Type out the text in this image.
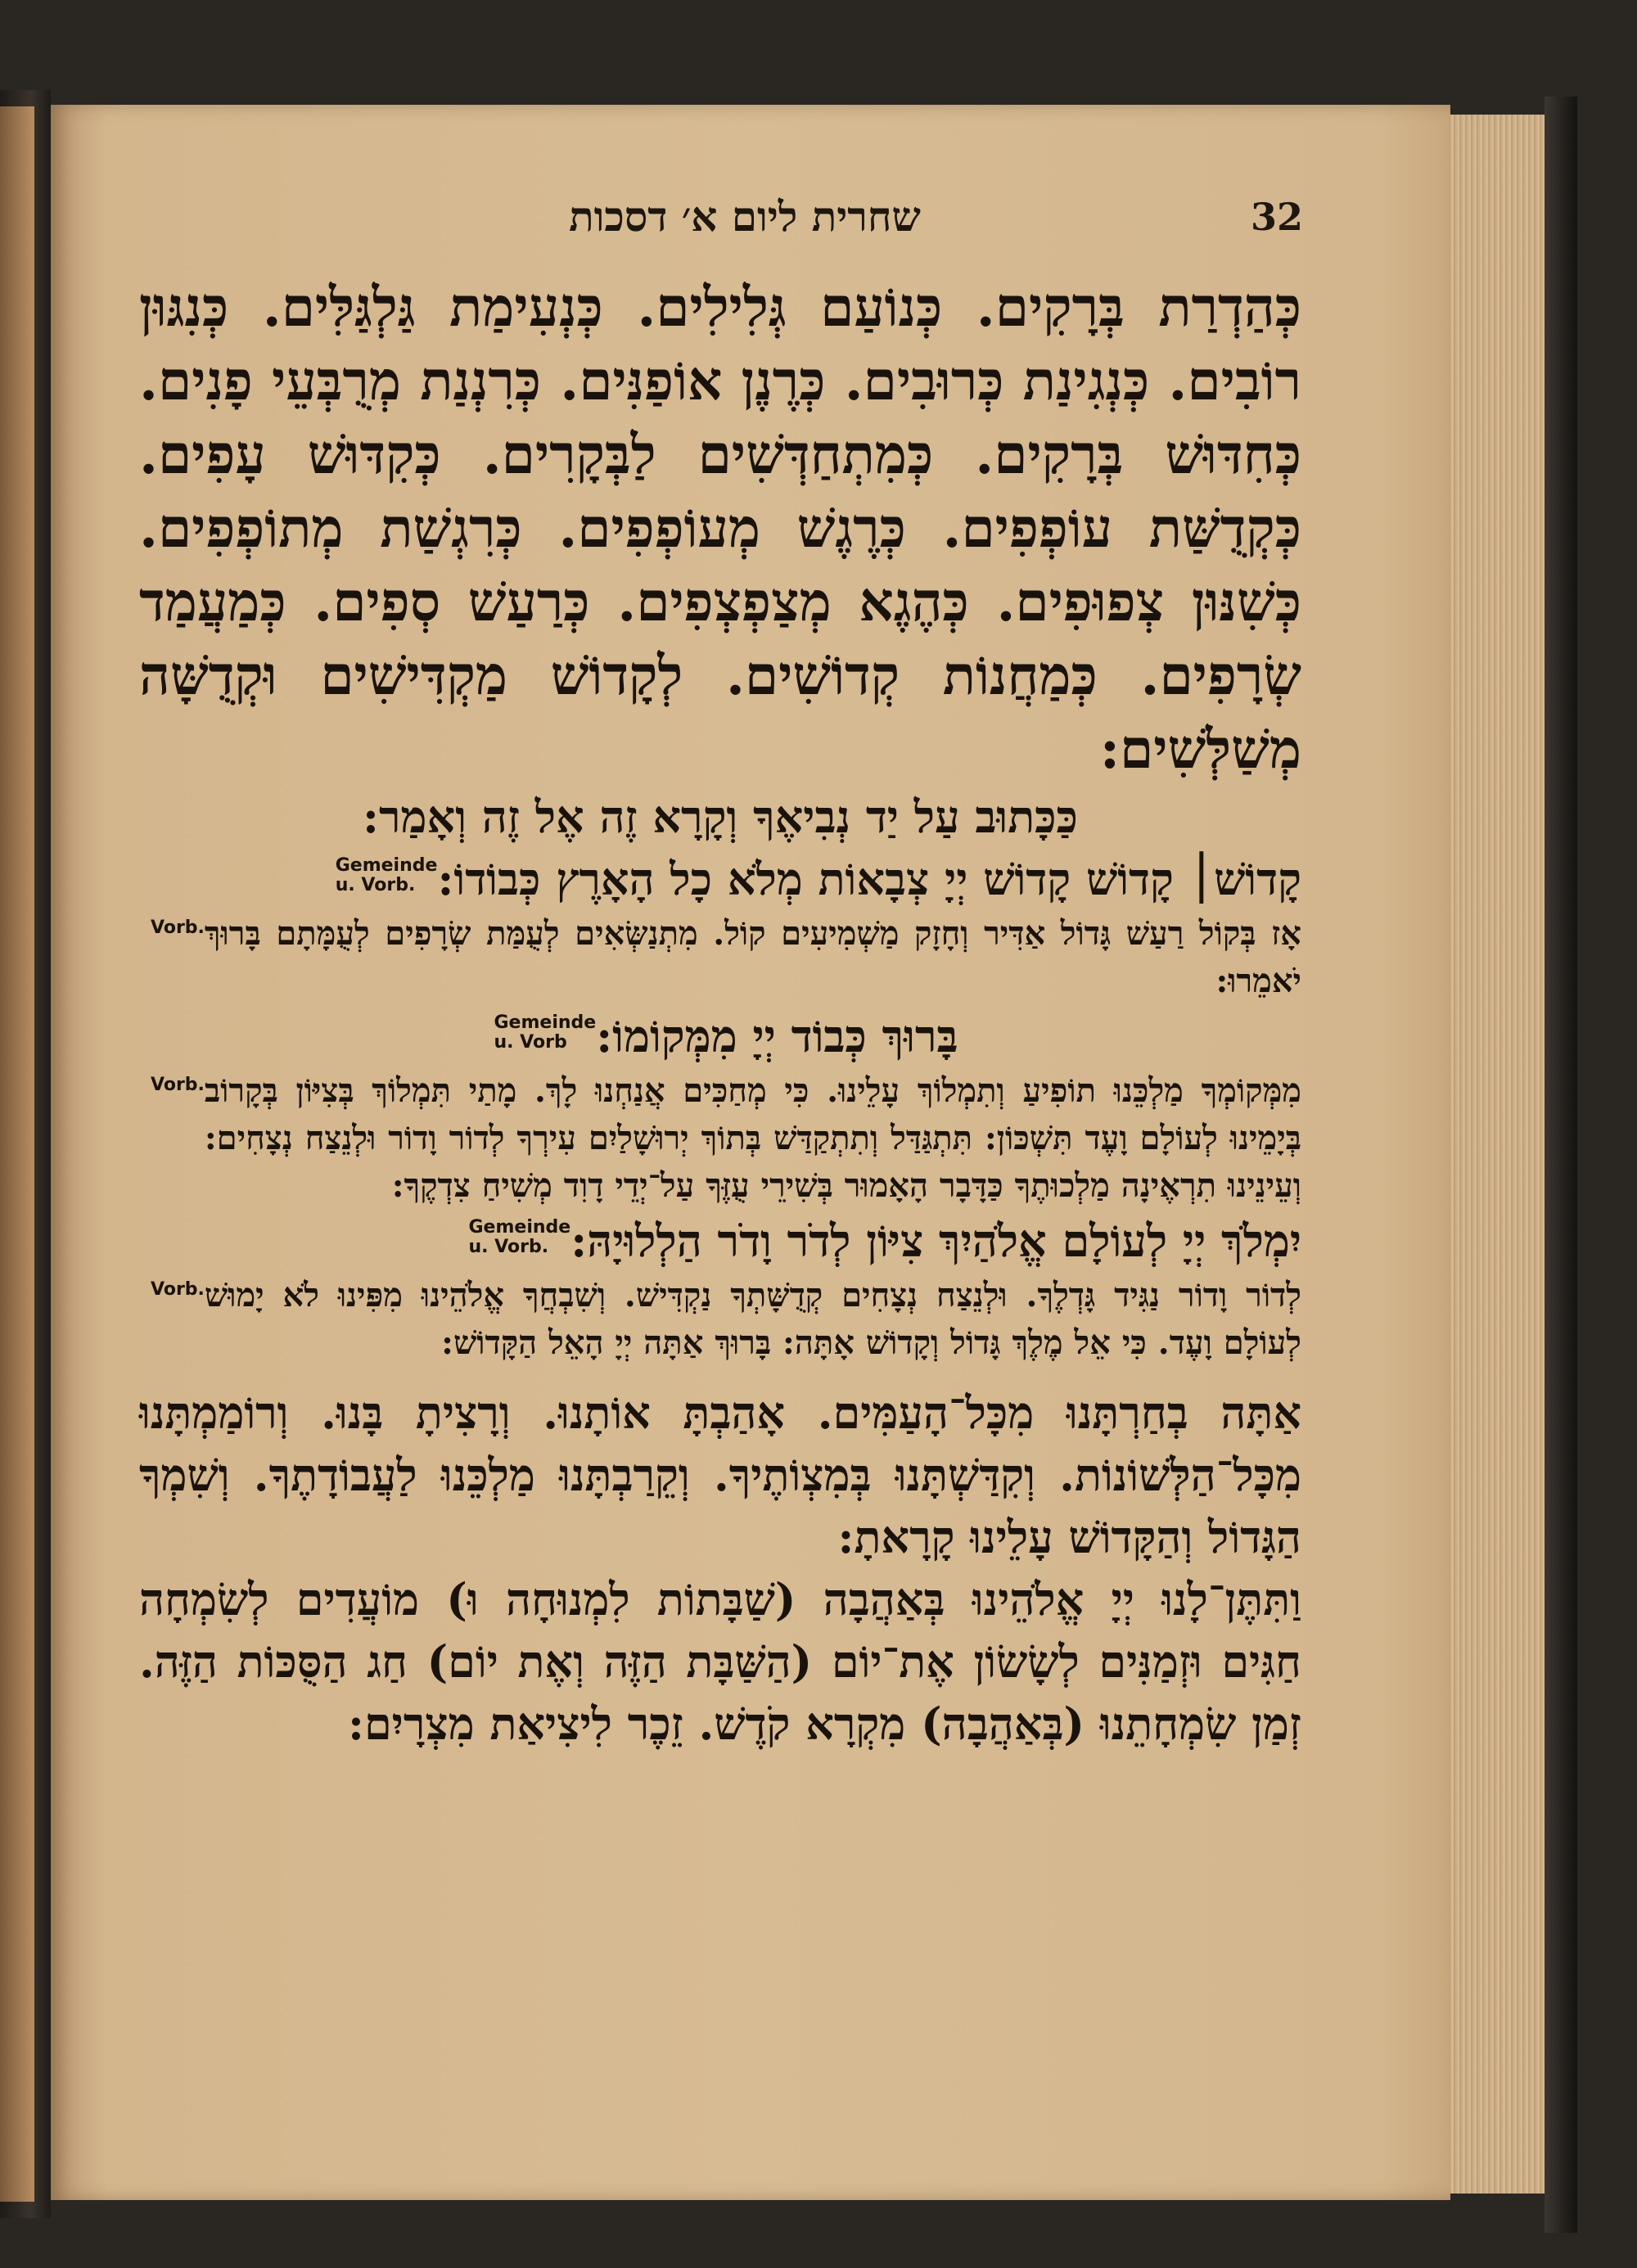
שחרית ליום א׳ דסכות	32

כְּהַדְרַת בְּרָקִים. כְּנוֹעַם גְּלִילִים. כְּנְעִימַת גַּלְגַּלִּים. כְּנִגּוּן רוֹבִים. כְּנְגִינַת כְּרוּבִים. כְּרֶנֶן אוֹפַנִּים. כְּרִנְנַת מְרֻבְּעֵי פָנִים. כְּחִדּוּשׁ בְּרָקִים. כְּמִתְחַדְּשִׁים לַבְּקָרִים. כְּקִדּוּשׁ עָפִים. כְּקְדֻשַּׁת עוֹפְפִים. כְּרֶגֶשׁ מְעוֹפְפִים. כְּרִגְשַׁת מְתוֹפְפִים. כְּשִׁנּוּן צְפוּפִים. כְּהֶגֶא מְצַפְצְפִים. כְּרַעַשׁ סְפִים. כְּמַעֲמַד שְׂרָפִים. כְּמַחֲנוֹת קְדוֹשִׁים. לְקָדוֹשׁ מַקְדִּישִׁים וּקְדֻשָּׁה מְשַׁלְּשִׁים:

כַּכָּתוּב עַל יַד נְבִיאֶךָ וְקָרָא זֶה אֶל זֶה וְאָמַר:

קָדוֹשׁ׀ קָדוֹשׁ קָדוֹשׁ יְיָ צְבָאוֹת מְלֹא כָל הָאָרֶץ כְּבוֹדוֹ:

Gemeinde
u. Vorb.

אָז בְּקוֹל רַעַשׁ גָּדוֹל אַדִּיר וְחָזָק מַשְׁמִיעִים קוֹל. מִתְנַשְּׂאִים לְעֻמַּת שְׂרָפִים לְעֻמָּתָם בָּרוּךְ יֹאמֵרוּ:

Vorb.

בָּרוּךְ כְּבוֹד יְיָ מִמְּקוֹמוֹ:

Gemeinde
u. Vorb

מִמְּקוֹמְךָ מַלְכֵּנוּ תוֹפִיעַ וְתִמְלוֹךְ עָלֵינוּ. כִּי מְחַכִּים אֲנַחְנוּ לָךְ. מָתַי תִּמְלוֹךְ בְּצִיּוֹן בְּקָרוֹב בְּיָמֵינוּ לְעוֹלָם וָעֶד תִּשְׁכּוֹן: תִּתְגַּדַּל וְתִתְקַדַּשׁ בְּתוֹךְ יְרוּשָׁלַיִם עִירְךָ לְדוֹר וָדוֹר וּלְנֵצַח נְצָחִים: וְעֵינֵינוּ תִרְאֶינָה מַלְכוּתֶךָ כַּדָּבָר הָאָמוּר בְּשִׁירֵי עֻזֶּךָ עַל־יְדֵי דָוִד מְשִׁיחַ צִדְקֶךָ:

Vorb.

יִמְלֹךְ יְיָ לְעוֹלָם אֱלֹהַיִךְ צִיּוֹן לְדֹר וָדֹר הַלְלוּיָהּ:

Gemeinde
u. Vorb.

לְדוֹר וָדוֹר נַגִּיד גָּדְלֶךָ. וּלְנֵצַח נְצָחִים קְדֻשָּׁתְךָ נַקְדִּישׁ. וְשִׁבְחֲךָ אֱלֹהֵינוּ מִפִּינוּ לֹא יָמוּשׁ לְעוֹלָם וָעֶד. כִּי אֵל מֶלֶךְ גָּדוֹל וְקָדוֹשׁ אָתָּה: בָּרוּךְ אַתָּה יְיָ הָאֵל הַקָּדוֹשׁ:

Vorb.

אַתָּה בְחַרְתָּנוּ מִכָּל־הָעַמִּים. אָהַבְתָּ אוֹתָנוּ. וְרָצִיתָ בָּנוּ. וְרוֹמַמְתָּנוּ מִכָּל־הַלְּשׁוֹנוֹת. וְקִדַּשְׁתָּנוּ בְּמִצְוֹתֶיךָ. וְקֵרַבְתָּנוּ מַלְכֵּנוּ לַעֲבוֹדָתֶךָ. וְשִׁמְךָ הַגָּדוֹל וְהַקָּדוֹשׁ עָלֵינוּ קָרָאתָ:

וַתִּתֶּן־לָנוּ יְיָ אֱלֹהֵינוּ בְּאַהֲבָה (שַׁבָּתוֹת לִמְנוּחָה וּ) מוֹעֲדִים לְשִׂמְחָה חַגִּים וּזְמַנִּים לְשָׂשׂוֹן אֶת־יוֹם (הַשַּׁבָּת הַזֶּה וְאֶת יוֹם) חַג הַסֻּכּוֹת הַזֶּה. זְמַן שִׂמְחָתֵנוּ (בְּאַהֲבָה) מִקְרָא קֹדֶשׁ. זֵכֶר לִיצִיאַת מִצְרָיִם:
